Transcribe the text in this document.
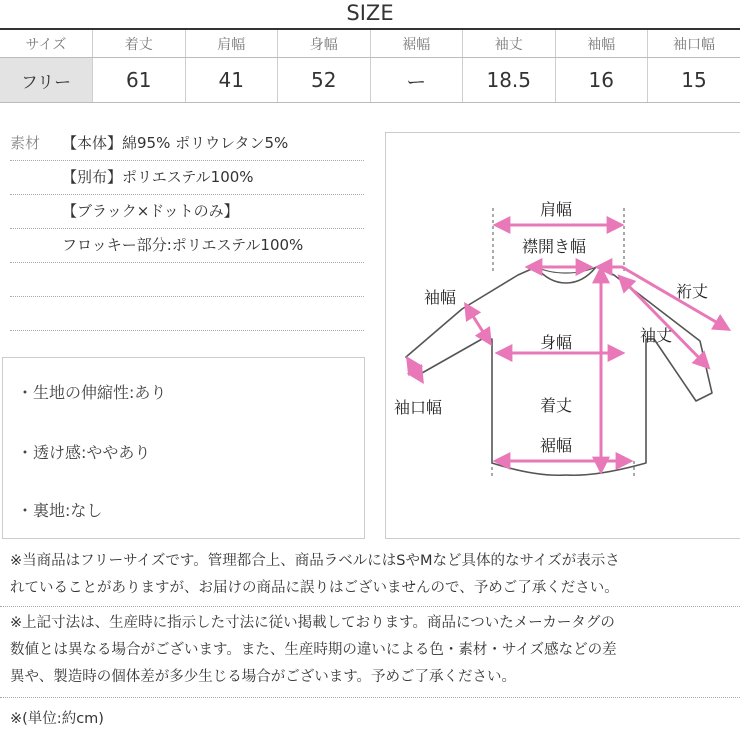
SIZE
サイズ	着丈	肩幅	身幅	裾幅	袖丈	袖幅	袖口幅
フリー	61	41	52	ー	18.5	16	15
素材 【本体】綿95% ポリウレタン5%
【別布】ポリエステル100%
【ブラック×ドットのみ】
フロッキー部分:ポリエステル100%
・生地の伸縮性:あり
・透け感:ややあり
・裏地:なし
肩幅
襟開き幅
裄丈
袖幅
袖丈
身幅
袖口幅	着丈
裾幅
※当商品はフリーサイズです。管理都合上、商品ラベルにはSやMなど具体的なサイズが表示さ
れていることがありますが、お届けの商品に誤りはございませんので、予めご了承ください。
※上記寸法は、生産時に指示した寸法に従い掲載しております。商品についたメーカータグの
数値とは異なる場合がございます。また、生産時期の違いによる色・素材・サイズ感などの差
異や、製造時の個体差が多少生じる場合がございます。予めご了承ください。
※(単位:約cm)
